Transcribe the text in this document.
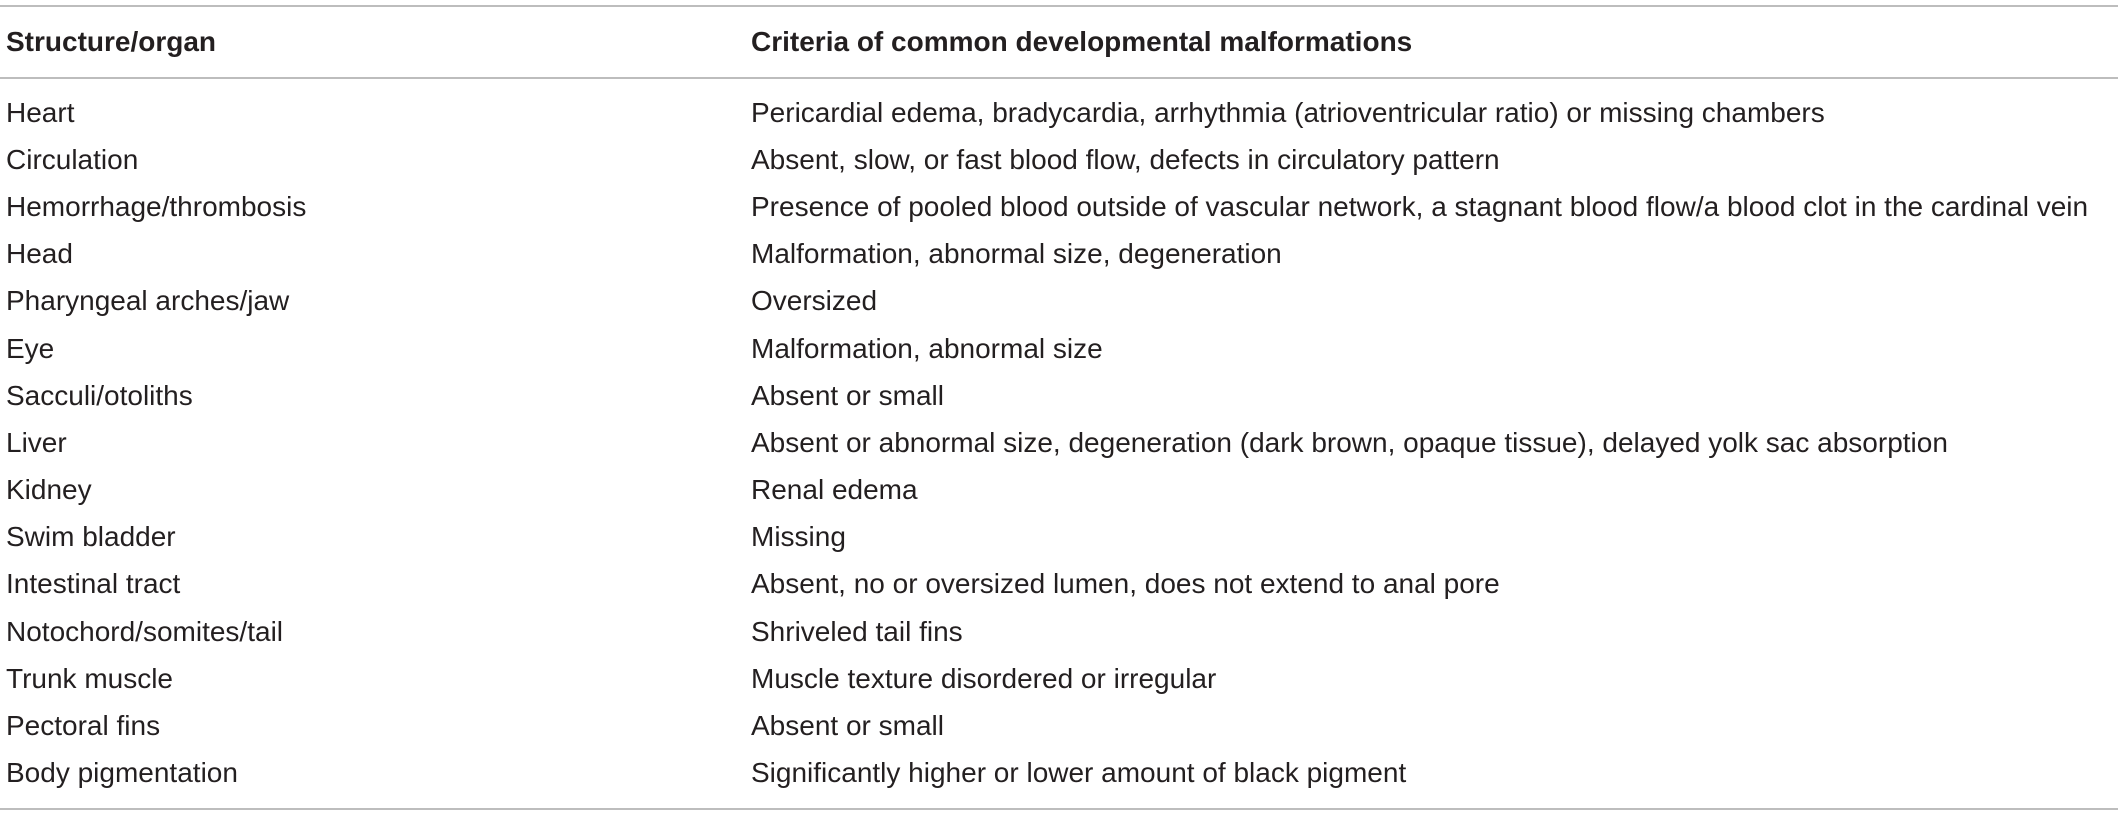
Structure/organ	Criteria of common developmental malformations
Heart	Pericardial edema, bradycardia, arrhythmia (atrioventricular ratio) or missing chambers
Circulation	Absent, slow, or fast blood flow, defects in circulatory pattern
Hemorrhage/thrombosis	Presence of pooled blood outside of vascular network, a stagnant blood flow/a blood clot in the cardinal vein
Head	Malformation, abnormal size, degeneration
Pharyngeal arches/jaw	Oversized
Eye	Malformation, abnormal size
Sacculi/otoliths	Absent or small
Liver	Absent or abnormal size, degeneration (dark brown, opaque tissue), delayed yolk sac absorption
Kidney	Renal edema
Swim bladder	Missing
Intestinal tract	Absent, no or oversized lumen, does not extend to anal pore
Notochord/somites/tail	Shriveled tail fins
Trunk muscle	Muscle texture disordered or irregular
Pectoral fins	Absent or small
Body pigmentation	Significantly higher or lower amount of black pigment
